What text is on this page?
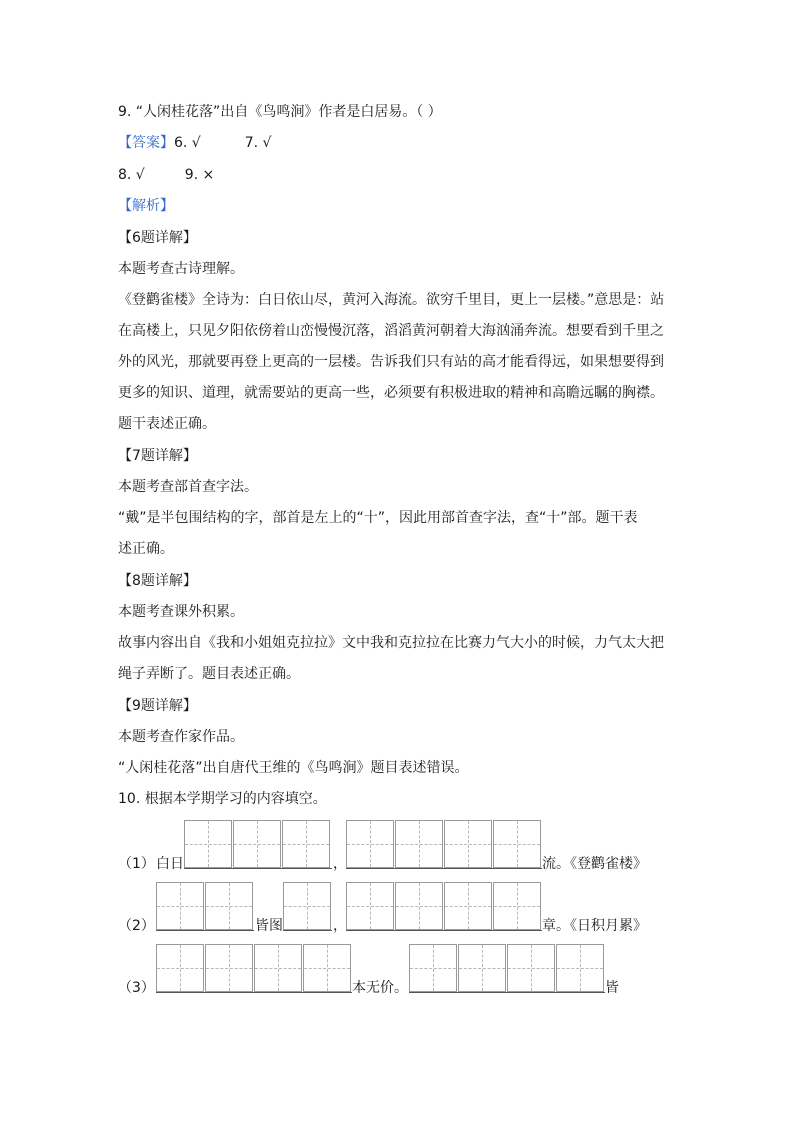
9. “人闲桂花落”出自《鸟鸣涧》作者是白居易。（ ）
【答案】6. √	7. √
8. √	9. ×
【解析】
【6题详解】
本题考查古诗理解。
《登鹳雀楼》全诗为：白日依山尽，黄河入海流。欲穷千里目，更上一层楼。”意思是：站
在高楼上，只见夕阳依傍着山峦慢慢沉落，滔滔黄河朝着大海汹涌奔流。想要看到千里之
外的风光，那就要再登上更高的一层楼。告诉我们只有站的高才能看得远，如果想要得到
更多的知识、道理，就需要站的更高一些，必须要有积极进取的精神和高瞻远瞩的胸襟。
题干表述正确。
【7题详解】
本题考查部首查字法。
“戴”是半包围结构的字，部首是左上的“十”，因此用部首查字法，查“十”部。题干表
述正确。
【8题详解】
本题考查课外积累。
故事内容出自《我和小姐姐克拉拉》文中我和克拉拉在比赛力气大小的时候，力气太大把
绳子弄断了。题目表述正确。
【9题详解】
本题考查作家作品。
“人闲桂花落”出自唐代王维的《鸟鸣涧》题目表述错误。
10. 根据本学期学习的内容填空。
（1） 白日	，	流。《登鹳雀楼》
（2）	皆图	，	章。《日积月累》
（3）	本无价。	皆
